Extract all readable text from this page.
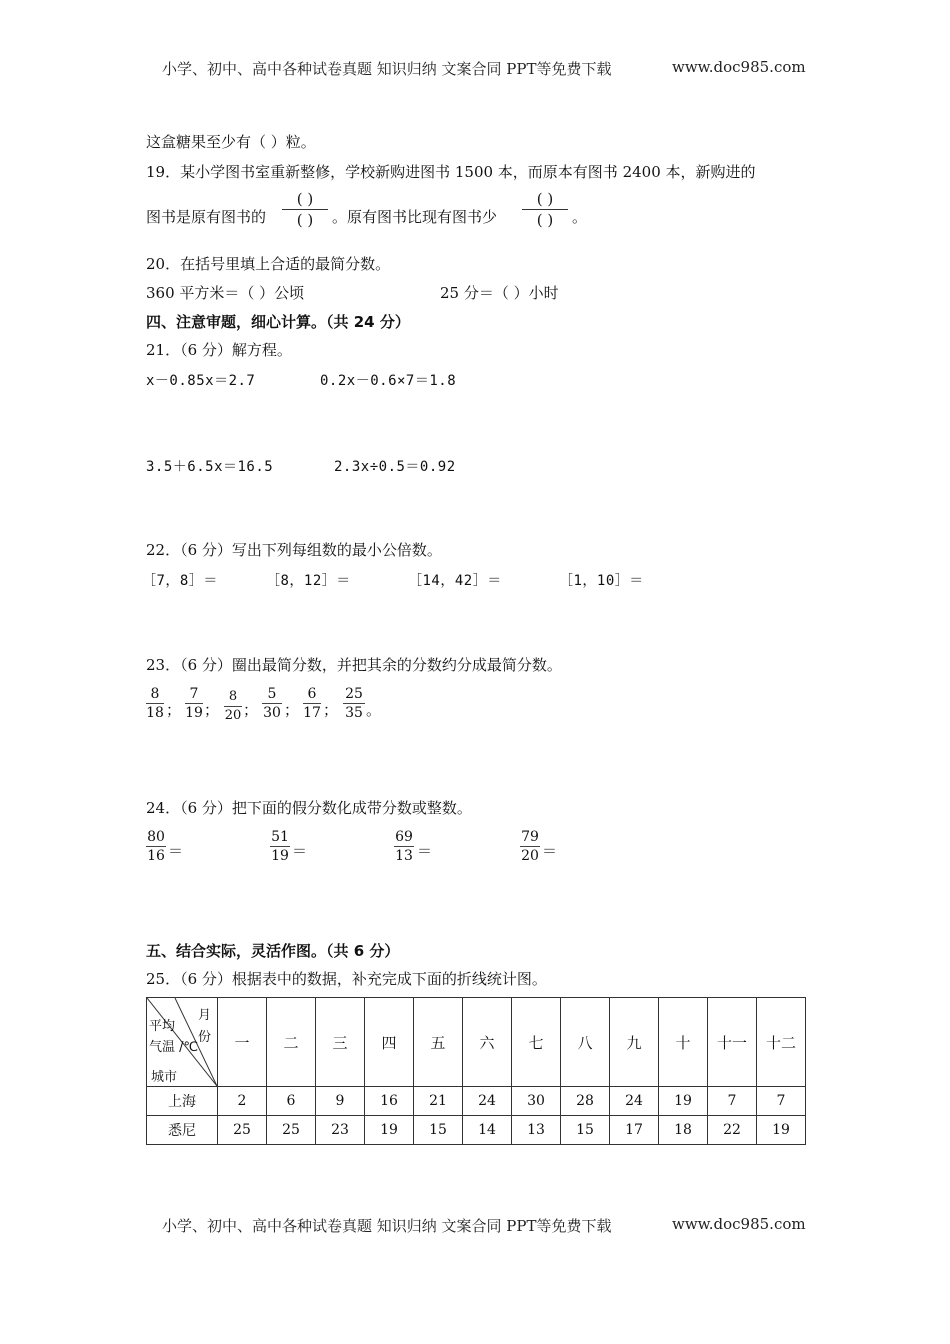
小学、初中、高中各种试卷真题 知识归纳 文案合同 PPT等免费下载	www.doc985.com
这盒糖果至少有（ ）粒。
19．某小学图书室重新整修，学校新购进图书 1500 本，而原本有图书 2400 本，新购进的
图书是原有图书的
( )
( )	。原有图书比现有图书少
( )
( )	。
20．在括号里填上合适的最简分数。
360 平方米＝（ ）公顷	25 分＝（ ）小时
四、注意审题，细心计算。（共 24 分）
21．（6 分）解方程。
x－0.85x＝2.7	0.2x－0.6×7＝1.8
3.5＋6.5x＝16.5	2.3x÷0.5＝0.92
22．（6 分）写出下列每组数的最小公倍数。
［7，8］＝	［8，12］＝	［14，42］＝	［1，10］＝
23．（6 分）圈出最简分数，并把其余的分数约分成最简分数。
8
18 ；
7
19 ；
8
20 ；
5
30 ；
6
17 ；
25
35 。
24．（6 分）把下面的假分数化成带分数或整数。
80
16 ＝
51
19 ＝
69
13 ＝
79
20 ＝
五、结合实际，灵活作图。（共 6 分）
25．（6 分）根据表中的数据，补充完成下面的折线统计图。
月
份
平均
气温 /℃
城市	一	二	三	四	五	六	七	八	九	十	十一	十二
上海	2	6	9	16	21	24	30	28	24	19	7	7
悉尼	25	25	23	19	15	14	13	15	17	18	22	19
小学、初中、高中各种试卷真题 知识归纳 文案合同 PPT等免费下载	www.doc985.com
